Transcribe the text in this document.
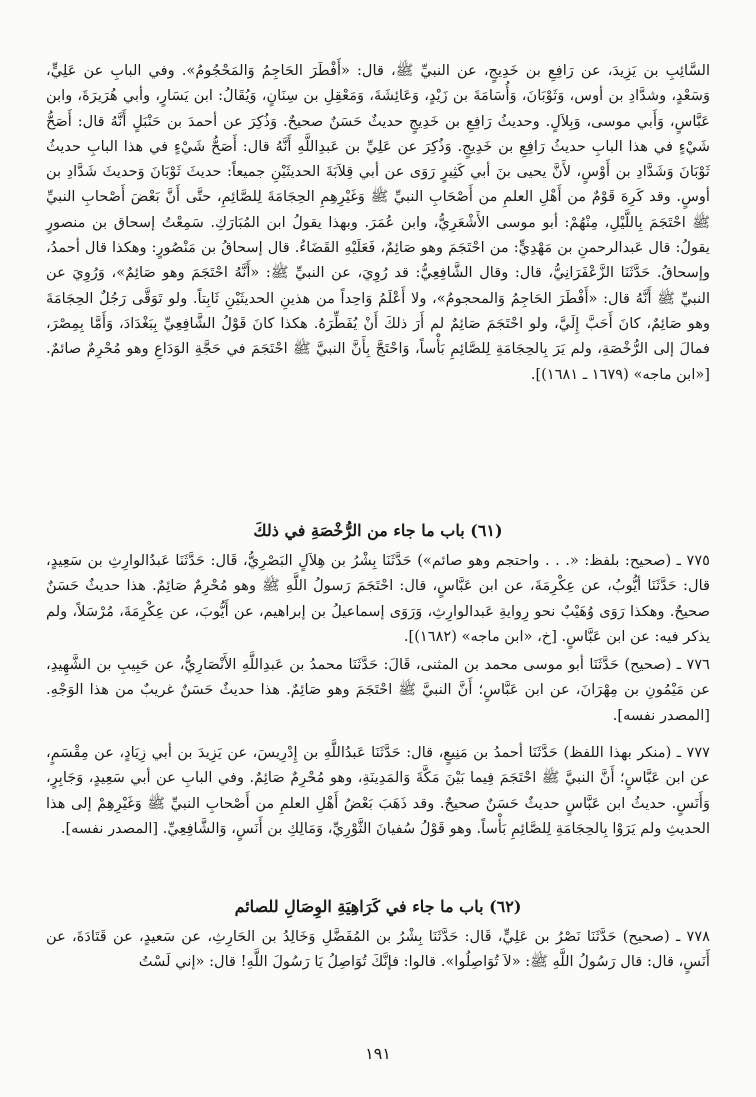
السَّائِبِ بن يَزِيدَ، عن رَافِعِ بن خَدِيجٍ، عن النبيِّ ﷺ، قال: «أَفْطَرَ الحَاجِمُ وَالمَحْجُومُ». وفي البابِ عن عَلِيٍّ، وَسَعْدٍ، وشدَّادِ بن أوس، وَثَوْبَانَ، وَأُسَامَةَ بن زَيْدٍ، وَعَائِشَةَ، وَمَعْقِلِ بن سِنَانٍ، وَيُقَالُ: ابن يَسَارٍ، وأبي هُرَيرَةَ، وابن عَبَّاسٍ، وَأَبي موسى، وَبِلاَلٍ. وحديثُ رَافِعِ بن خَدِيجٍ حديثٌ حَسَنٌ صحيحٌ. وَذُكِرَ عن أحمدَ بن حَنْبَلٍ أَنَّهُ قال: أَصَحُّ شَيْءٍ في هذا البابِ حديثُ رَافِعِ بن خَدِيجٍ. وَذُكِرَ عن عَلِيِّ بن عَبدِاللَّهِ أَنَّهُ قال: أَصَحُّ شَيْءٍ في هذا البابِ حديثُ ثَوْبَانَ وَشَدَّادِ بن أَوْسٍ، لأَنَّ يحيى بنَ أبي كَثِيرٍ رَوَى عن أبي قِلاَبَةَ الحديثَيْنِ جميعاً: حديثَ ثَوْبَانَ وَحديثَ شَدَّادِ بن أوسٍ. وقد كَرِهَ قَوْمٌ من أَهْلِ العلمِ من أَصْحَابِ النبيِّ ﷺ وَغَيْرِهِمِ الحِجَامَةَ لِلصَّائِمِ، حتَّى أَنَّ بَعْضَ أَصْحابِ النبيِّ ﷺ احْتَجَمَ بِاللَّيْلِ، مِنْهُمْ: أبو موسى الأَشْعَرِيُّ، وابن عُمَرَ. وبهذا يقولُ ابن المُبَارَكِ. سَمِعْتُ إسحاق بن منصورٍ يقولُ: قال عَبدالرحمنِ بن مَهْدِيٍّ: من احْتَجَمَ وهو صَائِمٌ، فَعَلَيْهِ القَضَاءُ. قال إسحاقُ بن مَنْصُورٍ: وهكذا قال أحمدُ، وإسحاقُ. حَدَّثَنَا الزَّعْفَرَانِيُّ، قال: وقال الشَّافِعِيُّ: قد رُوِيَ، عن النبيِّ ﷺ: «أَنَّهُ احْتَجَمَ وهو صَائِمٌ»، وَرُوِيَ عن النبيِّ ﷺ أَنَّهُ قال: «أَفْطَرَ الحَاجِمُ وَالمحجومُ»، ولا أَعْلَمُ وَاحِداً من هذينِ الحديثَيْنِ ثَابِتاً. ولو تَوَقَّى رَجُلٌ الحِجَامَةَ وهو صَائِمٌ، كانَ أَحَبَّ إِلَيَّ، ولو احْتَجَمَ صَائِمٌ لم أَرَ ذلكَ أَنْ يُفَطِّرَهُ. هكذا كانَ قَوْلُ الشَّافِعِيِّ بِبَغْدَادَ، وَأَمَّا بِمِصْرَ، فمالَ إلى الرُّخْصَةِ، ولم يَرَ بِالحِجَامَةِ لِلصَّائِمِ بَأْساً، وَاحْتَجَّ بِأَنَّ النبيَّ ﷺ احْتَجَمَ في حَجَّةِ الوَدَاعِ وهو مُحْرِمٌ صائمٌ. [«ابن ماجه» (١٦٧٩ ـ ١٦٨١)].

(٦١) باب ما جاء من الرُّخْصَةِ في ذلكَ

٧٧٥ ـ (صحيح: بلفظ: «. . . واحتجم وهو صائم») حَدَّثَنَا بِشْرُ بن هِلاَلٍ البَصْرِيُّ، قَال: حَدَّثَنَا عَبدُالوارِثِ بن سَعِيدٍ، قال: حَدَّثَنَا أيُّوبُ، عن عِكْرِمَةَ، عن ابن عَبَّاسٍ، قال: احْتَجَمَ رَسولُ اللَّهِ ﷺ وهو مُحْرِمٌ صَائِمٌ. هذا حديثٌ حَسَنٌ صحيحٌ. وهكذا رَوَى وُهَيْبٌ نحو رِوايةِ عَبدالوارِثِ، وَرَوَى إسماعيلُ بن إبراهيم، عن أَيُّوبَ، عن عِكْرِمَةَ، مُرْسَلاً، ولم يذكر فيه: عن ابن عَبَّاسٍ. [خ، «ابن ماجه» (١٦٨٢)].

٧٧٦ ـ (صحيح) حَدَّثَنَا أبو موسى محمد بن المثنى، قَالَ: حَدَّثَنَا محمدُ بن عَبدِاللَّهِ الأَنْصَارِيُّ، عن حَبِيبِ بن الشَّهِيدِ، عن مَيْمُونِ بن مِهْرَانَ، عن ابن عَبَّاسٍ؛ أَنَّ النبيَّ ﷺ احْتَجَمَ وهو صَائِمٌ. هذا حديثٌ حَسَنٌ غريبٌ من هذا الوَجْهِ. [المصدر نفسه].

٧٧٧ ـ (منكر بهذا اللفظ) حَدَّثَنَا أحمدُ بن مَنِيعٍ، قال: حَدَّثَنَا عَبدُاللَّهِ بن إِدْرِيسَ، عن يَزِيدَ بن أبي زِيَادٍ، عن مِقْسَمٍ، عن ابن عَبَّاسٍ؛ أَنَّ النبيَّ ﷺ احْتَجَمَ فِيما بَيْنَ مَكَّةَ وَالمَدِينَةِ، وهو مُحْرِمٌ صَائِمٌ. وفي البابِ عن أبي سَعِيدٍ، وَجَابِرٍ، وَأَنَسٍ. حديثُ ابن عَبَّاسٍ حديثٌ حَسَنٌ صحيحٌ. وقد ذَهَبَ بَعْضُ أَهْلِ العلمِ من أَصْحابِ النبيِّ ﷺ وَغَيْرِهِمْ إلى هذا الحديثِ ولم يَرَوْا بِالحِجَامَةِ لِلصَّائِمِ بَأْساً. وهو قَوْلُ سُفيانَ الثَّوْرِيِّ، وَمَالِكِ بن أَنَسٍ، وَالشَّافِعِيِّ. [المصدر نفسه].

(٦٢) باب ما جاء في كَرَاهِيَةِ الوِصَالِ للصائم

٧٧٨ ـ (صحيح) حَدَّثَنَا نَصْرُ بن عَلِيٍّ، قَال: حَدَّثَنَا بِشْرُ بن المُفَضَّلِ وَخَالِدُ بن الحَارِثِ، عن سَعيدٍ، عن قَتَادَةَ، عن أَنَسٍ، قال: قال رَسُولُ اللَّهِ ﷺ: «لاَ تُوَاصِلُوا». قالوا: فإنَّكَ تُوَاصِلُ يَا رَسُولَ اللَّهِ! قال: «إني لَسْتُ

١٩١
